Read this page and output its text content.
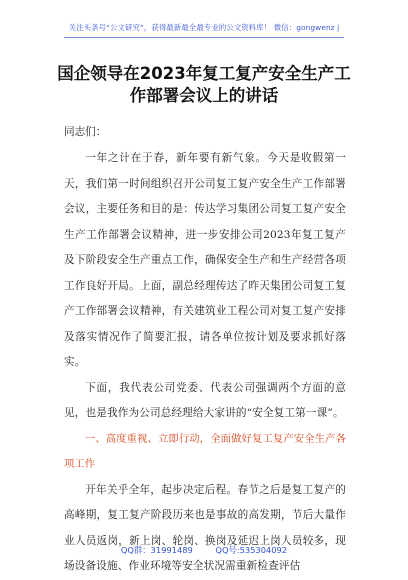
关注头条号“公文研究”，获得最新最全最专业的公文资料库！ 微信：gongwenz j
国企领导在2023年复工复产安全生产工
作部署会议上的讲话
同志们：

一年之计在于春，新年要有新气象。今天是收假第一天，我们第一时间组织召开公司复工复产安全生产工作部署会议，主要任务和目的是：传达学习集团公司复工复产安全生产工作部署会议精神，进一步安排公司2023年复工复产及下阶段安全生产重点工作，确保安全生产和生产经营各项工作良好开局。上面，副总经理传达了昨天集团公司复工复产工作部署会议精神，有关建筑业工程公司对复工复产安排及落实情况作了简要汇报，请各单位按计划及要求抓好落实。

下面，我代表公司党委、代表公司强调两个方面的意见，也是我作为公司总经理给大家讲的“安全复工第一课”。

一、高度重视、立即行动，全面做好复工复产安全生产各项工作

开年关乎全年，起步决定后程。春节之后是复工复产的高峰期，复工复产阶段历来也是事故的高发期，节后大量作业人员返岗，新上岗、轮岗、换岗及延迟上岗人员较多，现场设备设施、作业环境等安全状况需重新检查评估

QQ群：31991489	QQ号:535304092
